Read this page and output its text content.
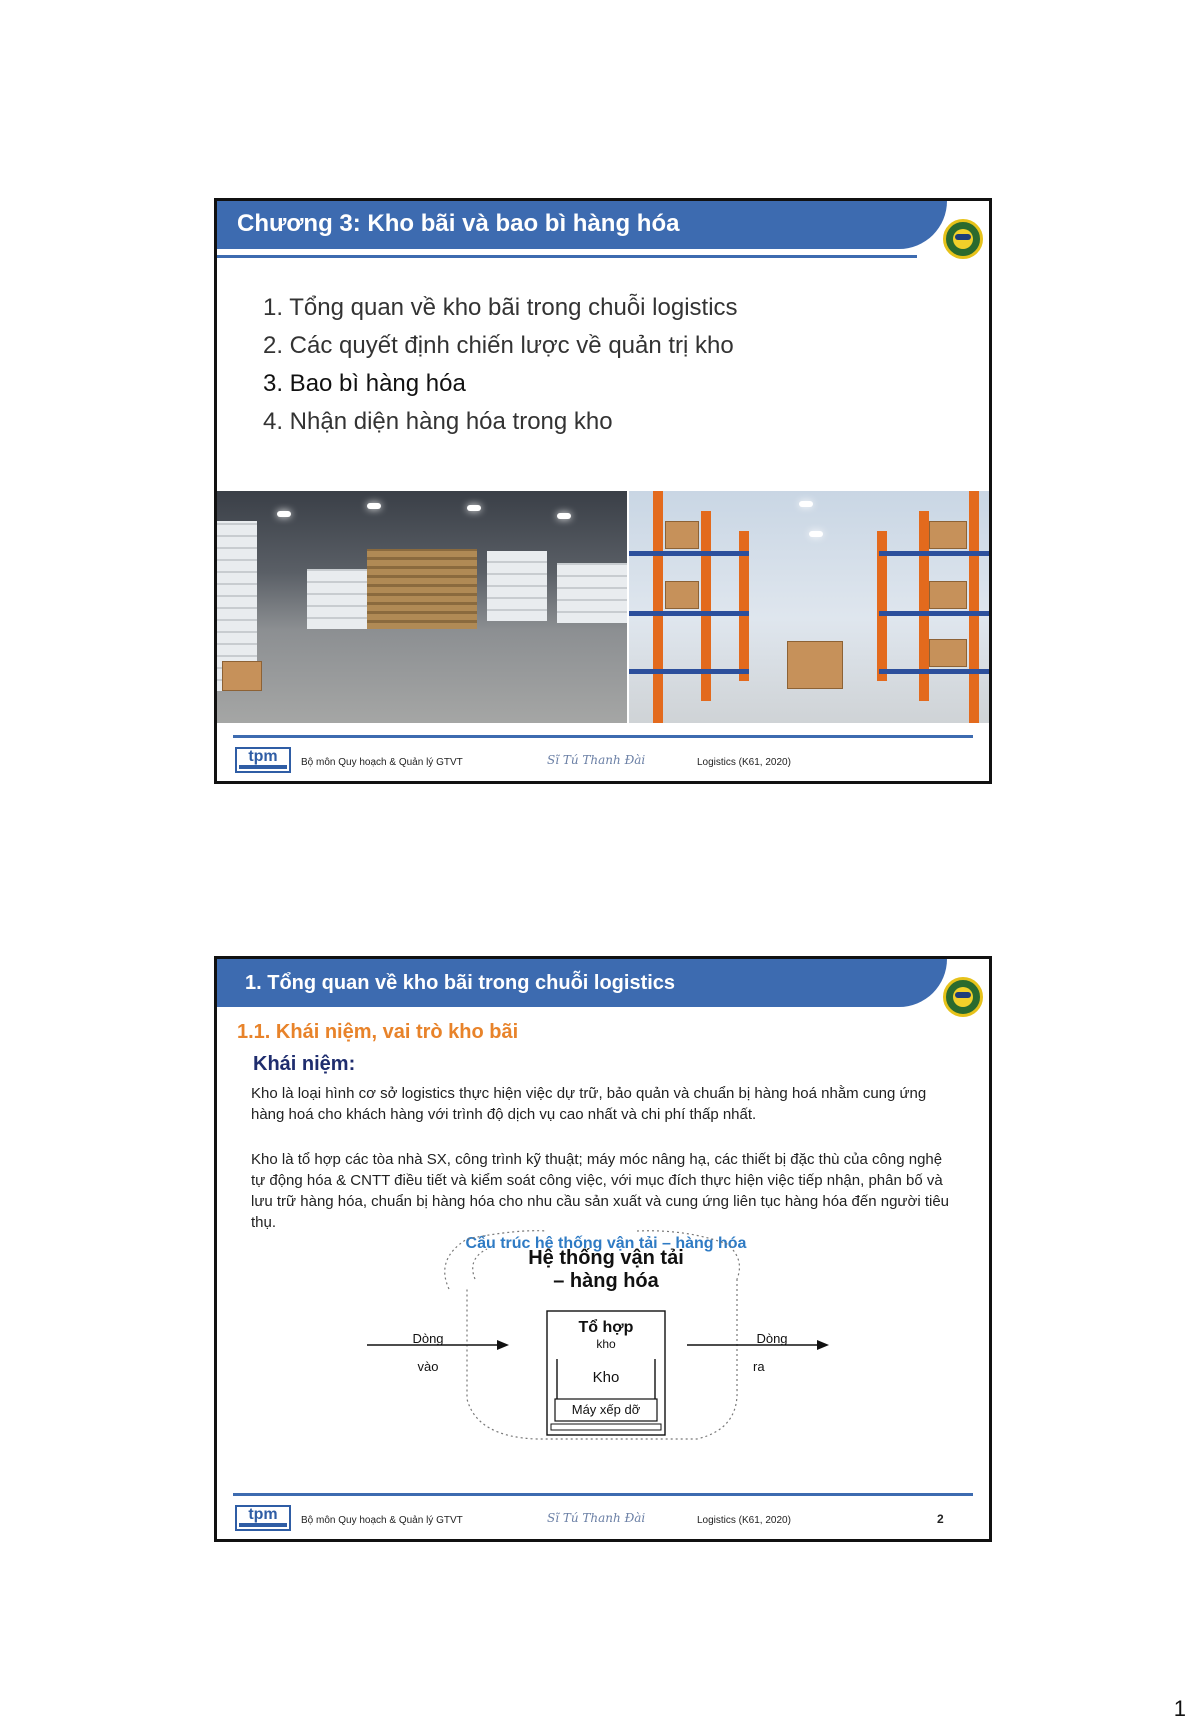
Chương 3: Kho bãi và bao bì hàng hóa
1. Tổng quan về kho bãi trong chuỗi logistics
2. Các quyết định chiến lược về quản trị kho
3. Bao bì hàng hóa
4. Nhận diện hàng hóa trong kho
tpm	Bộ môn Quy hoạch & Quản lý GTVT	Sĩ Tú Thanh Đài	Logistics (K61, 2020)
1. Tổng quan về kho bãi trong chuỗi logistics
1.1. Khái niệm, vai trò kho bãi
Khái niệm:

Kho là loại hình cơ sở logistics thực hiện việc dự trữ, bảo quản và chuẩn bị hàng hoá nhằm cung ứng hàng hoá cho khách hàng với trình độ dịch vụ cao nhất và chi phí thấp nhất.

Kho là tổ hợp các tòa nhà SX, công trình kỹ thuật; máy móc nâng hạ, các thiết bị đặc thù của công nghệ tự động hóa & CNTT điều tiết và kiểm soát công việc, với mục đích thực hiện việc tiếp nhận, phân bố và lưu trữ hàng hóa, chuẩn bị hàng hóa cho nhu cầu sản xuất và cung ứng liên tục hàng hóa đến người tiêu thụ.

Cấu trúc hệ thống vận tải – hàng hóa
Hệ thống vận tải
– hàng hóa
Tổ hợp
kho
Kho
Máy xếp dỡ
Dòng
vào
Dòng
ra
tpm	Bộ môn Quy hoạch & Quản lý GTVT	Sĩ Tú Thanh Đài	Logistics (K61, 2020)	2
1
